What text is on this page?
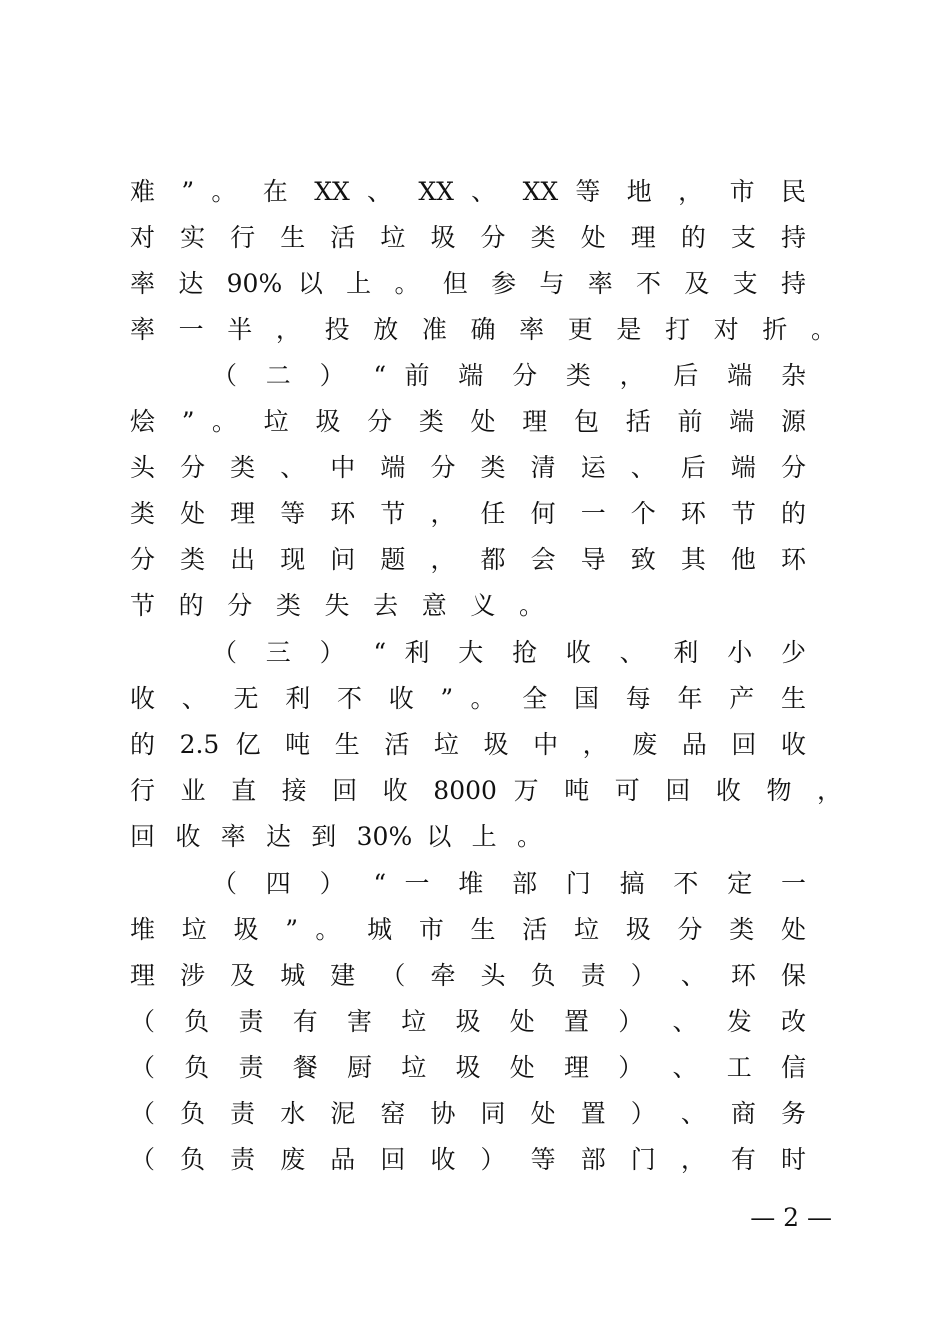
难 ” 。 在 XX 、 XX 、 XX 等 地 ， 市 民
对 实 行 生 活 垃 圾 分 类 处 理 的 支 持
率 达 90% 以 上 。 但 参 与 率 不 及 支 持
率 一 半 ， 投 放 准 确 率 更 是 打 对 折 。
（ 二 ） “ 前 端 分 类 ， 后 端 杂
烩 ” 。 垃 圾 分 类 处 理 包 括 前 端 源
头 分 类 、 中 端 分 类 清 运 、 后 端 分
类 处 理 等 环 节 ， 任 何 一 个 环 节 的
分 类 出 现 问 题 ， 都 会 导 致 其 他 环
节 的 分 类 失 去 意 义 。
（ 三 ） “ 利 大 抢 收 、 利 小 少
收 、 无 利 不 收 ” 。 全 国 每 年 产 生
的 2.5 亿 吨 生 活 垃 圾 中 ， 废 品 回 收
行 业 直 接 回 收 8000 万 吨 可 回 收 物 ，
回 收 率 达 到 30% 以 上 。
（ 四 ） “ 一 堆 部 门 搞 不 定 一
堆 垃 圾 ” 。 城 市 生 活 垃 圾 分 类 处
理 涉 及 城 建 （ 牵 头 负 责 ） 、 环 保
（ 负 责 有 害 垃 圾 处 置 ） 、 发 改
（ 负 责 餐 厨 垃 圾 处 理 ） 、 工 信
（ 负 责 水 泥 窑 协 同 处 置 ） 、 商 务
（ 负 责 废 品 回 收 ） 等 部 门 ， 有 时
— 2 —
